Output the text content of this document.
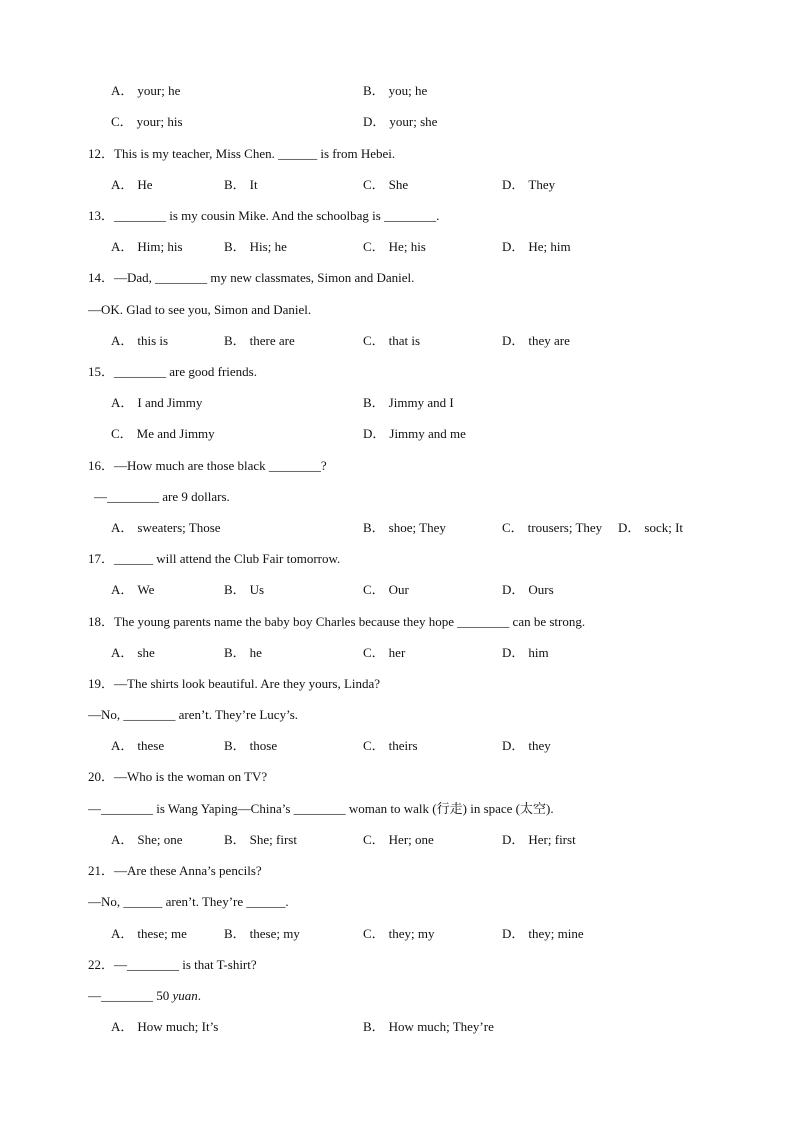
A． your; he	B． you; he
C． your; his	D． your; she
12．This is my teacher, Miss Chen. ______ is from Hebei.
A． He	B． It	C． She	D． They
13．________ is my cousin Mike. And the schoolbag is ________.
A． Him; his	B． His; he	C． He; his	D． He; him
14．—Dad, ________ my new classmates, Simon and Daniel.
—OK. Glad to see you, Simon and Daniel.
A． this is	B． there are	C． that is	D． they are
15．________ are good friends.
A． I and Jimmy	B． Jimmy and I
C． Me and Jimmy	D． Jimmy and me
16．—How much are those black ________?
—________ are 9 dollars.
A． sweaters; Those	B． shoe; They	C． trousers; They D． sock; It
17．______ will attend the Club Fair tomorrow.
A． We	B． Us	C． Our	D． Ours
18．The young parents name the baby boy Charles because they hope ________ can be strong.
A． she	B． he	C． her	D． him
19．—The shirts look beautiful. Are they yours, Linda?
—No, ________ aren’t. They’re Lucy’s.
A． these	B． those	C． theirs	D． they
20．—Who is the woman on TV?
—________ is Wang Yaping—China’s ________ woman to walk (行走) in space (太空).
A． She; one	B． She; first	C． Her; one	D． Her; first
21．—Are these Anna’s pencils?
—No, ______ aren’t. They’re ______.
A． these; me	B． these; my	C． they; my	D． they; mine
22．—________ is that T-shirt?
—________ 50 yuan.
A． How much; It’s	B． How much; They’re
